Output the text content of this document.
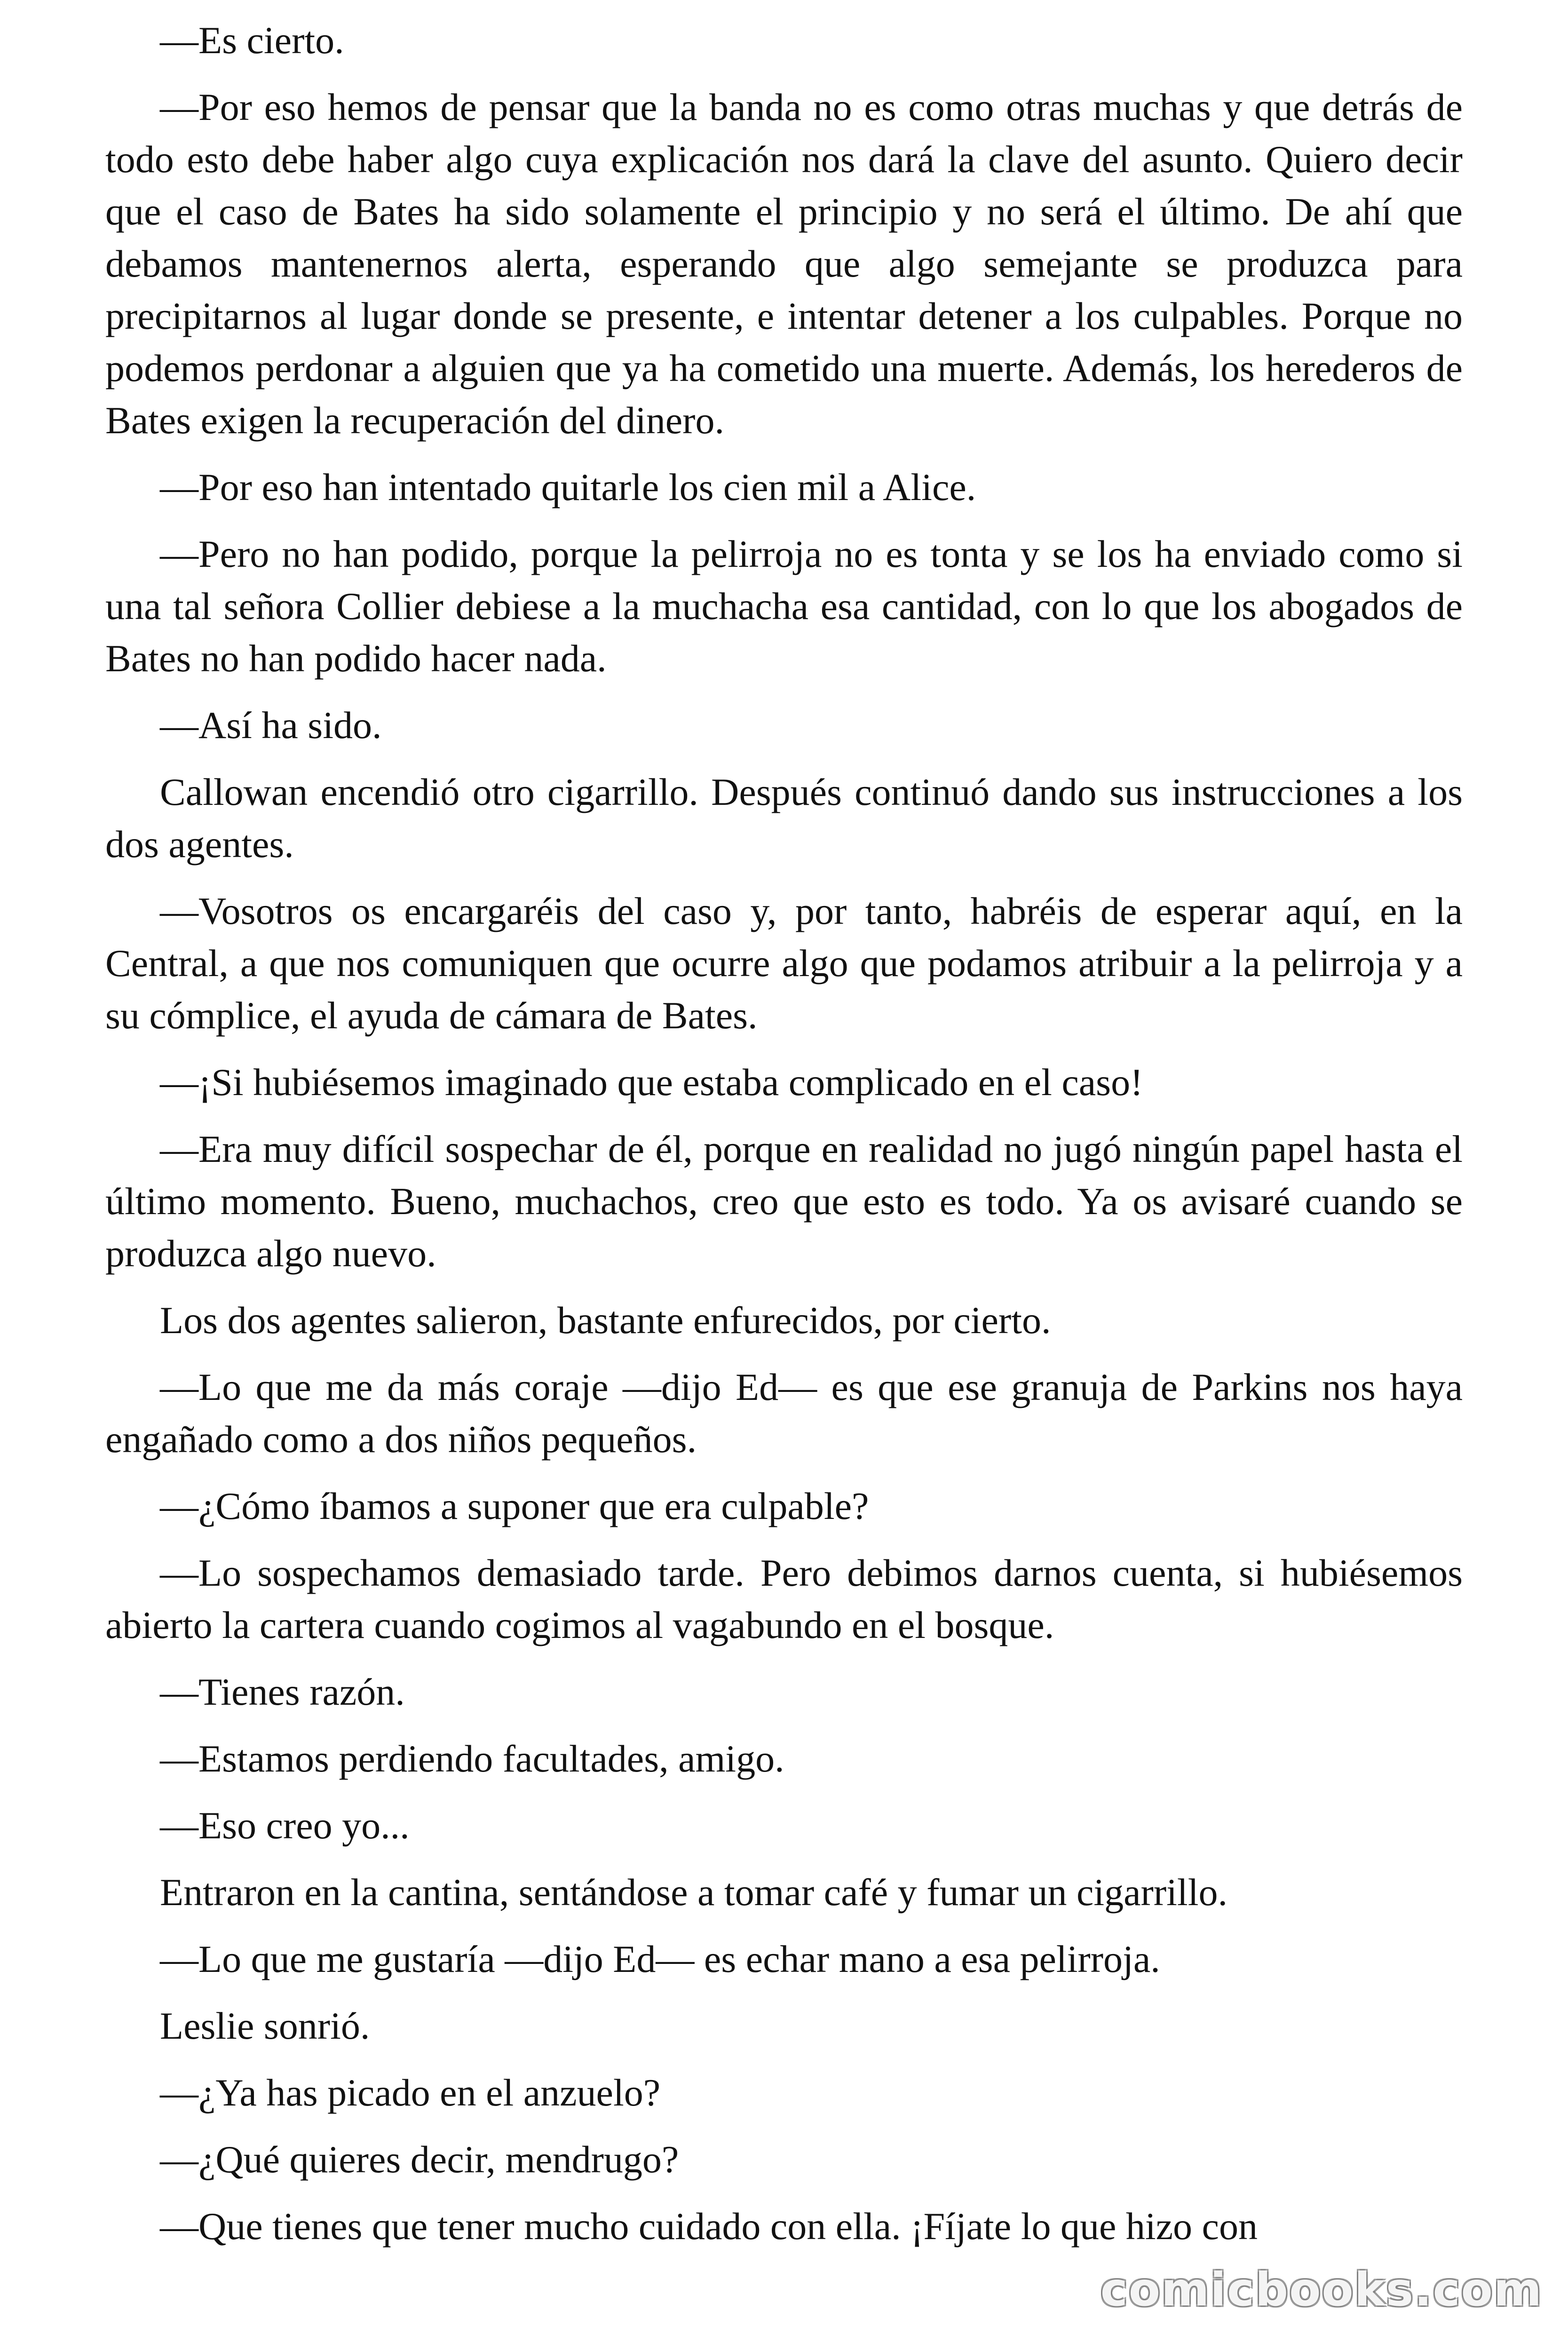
—Es cierto.

—Por eso hemos de pensar que la banda no es como otras muchas y que detrás de todo esto debe haber algo cuya explicación nos dará la clave del asunto. Quiero decir que el caso de Bates ha sido solamente el principio y no será el último. De ahí que debamos mantenernos alerta, esperando que algo semejante se produzca para precipitarnos al lugar donde se presente, e intentar detener a los culpables. Porque no podemos perdonar a alguien que ya ha cometido una muerte. Además, los herederos de Bates exigen la recuperación del dinero.

—Por eso han intentado quitarle los cien mil a Alice.

—Pero no han podido, porque la pelirroja no es tonta y se los ha enviado como si una tal señora Collier debiese a la muchacha esa cantidad, con lo que los abogados de Bates no han podido hacer nada.

—Así ha sido.

Callowan encendió otro cigarrillo. Después continuó dando sus instrucciones a los dos agentes.

—Vosotros os encargaréis del caso y, por tanto, habréis de esperar aquí, en la Central, a que nos comuniquen que ocurre algo que podamos atribuir a la pelirroja y a su cómplice, el ayuda de cámara de Bates.

—¡Si hubiésemos imaginado que estaba complicado en el caso!

—Era muy difícil sospechar de él, porque en realidad no jugó ningún papel hasta el último momento. Bueno, muchachos, creo que esto es todo. Ya os avisaré cuando se produzca algo nuevo.

Los dos agentes salieron, bastante enfurecidos, por cierto.

—Lo que me da más coraje —dijo Ed— es que ese granuja de Parkins nos haya engañado como a dos niños pequeños.

—¿Cómo íbamos a suponer que era culpable?

—Lo sospechamos demasiado tarde. Pero debimos darnos cuenta, si hubiésemos abierto la cartera cuando cogimos al vagabundo en el bosque.

—Tienes razón.

—Estamos perdiendo facultades, amigo.

—Eso creo yo...

Entraron en la cantina, sentándose a tomar café y fumar un cigarrillo.

—Lo que me gustaría —dijo Ed— es echar mano a esa pelirroja.

Leslie sonrió.

—¿Ya has picado en el anzuelo?

—¿Qué quieres decir, mendrugo?

—Que tienes que tener mucho cuidado con ella. ¡Fíjate lo que hizo con

comicbooks.com
